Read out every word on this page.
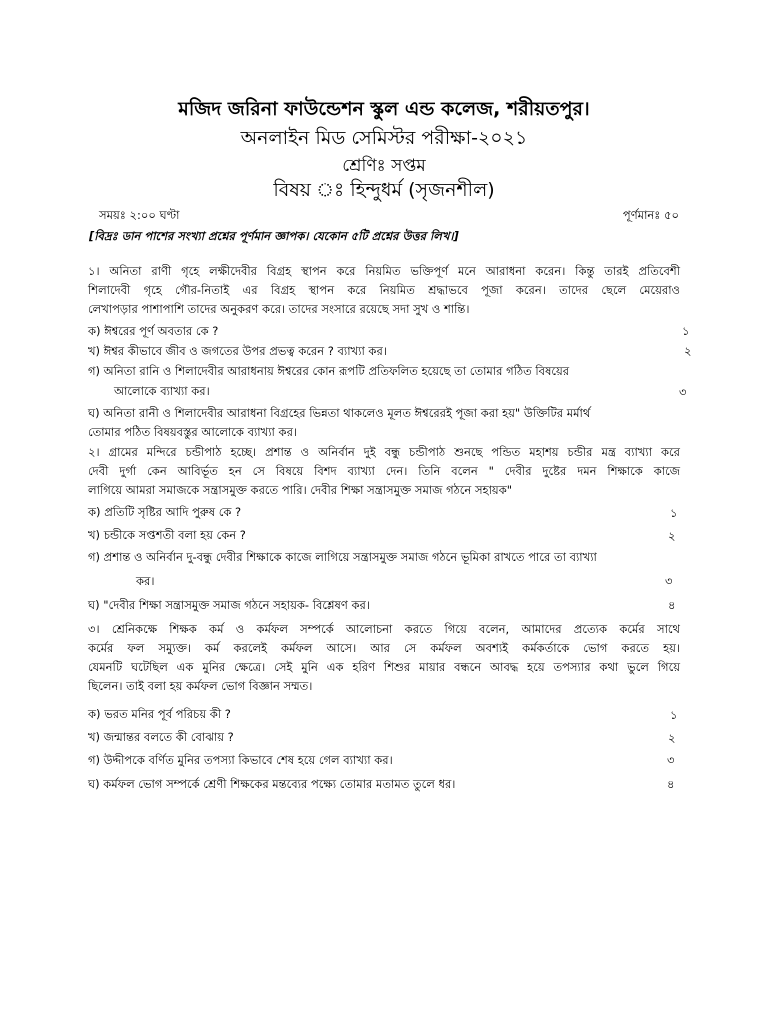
মজিদ জরিনা ফাউন্ডেশন স্কুল এন্ড কলেজ, শরীয়তপুর।
অনলাইন মিড সেমিস্টর পরীক্ষা-২০২১
শ্রেণিঃ সপ্তম
বিষয় ঃ হিন্দুধর্ম (সৃজনশীল)
সময়ঃ ২:০০ ঘণ্টা	পূর্ণমানঃ ৫০
[বিদ্রঃ ডান পাশের সংখ্যা প্রশ্নের পূর্ণমান জ্ঞাপক। যেকোন ৫টি প্রশ্নের উত্তর লিখ।]
১। অনিতা রাণী গৃহে লক্ষীদেবীর বিগ্রহ স্থাপন করে নিয়মিত ভক্তিপূর্ণ মনে আরাধনা করেন। কিন্তু তারই প্রতিবেশী
শিলাদেবী গৃহে গৌর-নিতাই এর বিগ্রহ স্থাপন করে নিয়মিত শ্রদ্ধাভবে পূজা করেন। তাদের ছেলে মেয়েরাও
লেখাপড়ার পাশাপাশি তাদের অনুকরণ করে। তাদের সংসারে রয়েছে সদা সুখ ও শান্তি।
ক) ঈশ্বরের পূর্ণ অবতার কে ?	১
খ) ঈশ্বর কীভাবে জীব ও জগতের উপর প্রভত্ব করেন ? ব্যাখ্যা কর।	২
গ) অনিতা রানি ও শিলাদেবীর আরাধনায় ঈশ্বরের কোন রূপটি প্রতিফলিত হয়েছে তা তোমার গঠিত বিষয়ের
আলোকে ব্যাখ্যা কর।	৩
ঘ) অনিতা রানী ও শিলাদেবীর আরাধনা বিগ্রহের ভিন্নতা থাকলেও মূলত ঈশ্বরেরই পূজা করা হয়" উক্তিটির মর্মার্থ
তোমার পঠিত বিষয়বস্তুর আলোকে ব্যাখ্যা কর।
২। গ্রামের মন্দিরে চন্ডীপাঠ হচ্ছে। প্রশান্ত ও অনির্বান দুই বন্ধু চন্ডীপাঠ শুনছে পন্ডিত মহাশয় চন্ডীর মন্ত্র ব্যাখ্যা করে
দেবী দুর্গা কেন আবির্ভূত হন সে বিষয়ে বিশদ ব্যাখ্যা দেন। তিনি বলেন " দেবীর দুষ্টের দমন শিক্ষাকে কাজে
লাগিয়ে আমরা সমাজকে সন্ত্রাসমুক্ত করতে পারি। দেবীর শিক্ষা সন্ত্রাসমুক্ত সমাজ গঠনে সহায়ক"
ক) প্রতিটি সৃষ্টির আদি পুরুষ কে ?	১
খ) চন্ডীকে সপ্তশতী বলা হয় কেন ?	২
গ) প্রশান্ত ও অনির্বান দু-বন্ধু দেবীর শিক্ষাকে কাজে লাগিয়ে সন্ত্রাসমুক্ত সমাজ গঠনে ভূমিকা রাখতে পারে তা ব্যাখ্যা
কর।	৩
ঘ) "দেবীর শিক্ষা সন্ত্রাসমুক্ত সমাজ গঠনে সহায়ক- বিশ্লেষণ কর।	৪
৩। শ্রেনিকক্ষে শিক্ষক কর্ম ও কর্মফল সম্পর্কে আলোচনা করতে গিয়ে বলেন, আমাদের প্রত্যেক কর্মের সাথে
কর্মের ফল সম্যুক্ত। কর্ম করলেই কর্মফল আসে। আর সে কর্মফল অবশ্যই কর্মকর্তাকে ভোগ করতে হয়।
যেমনটি ঘটেছিল এক মুনির ক্ষেত্রে। সেই মুনি এক হরিণ শিশুর মায়ার বন্ধনে আবদ্ধ হয়ে তপস্যার কথা ভুলে গিয়ে
ছিলেন। তাই বলা হয় কর্মফল ভোগ বিজ্ঞান সম্মত।
ক) ভরত মনির পূর্ব পরিচয় কী ?	১
খ) জন্মান্তর বলতে কী বোঝায় ?	২
গ) উদ্দীপকে বর্ণিত মুনির তপস্যা কিভাবে শেষ হয়ে গেল ব্যাখ্যা কর।	৩
ঘ) কর্মফল ভোগ সম্পর্কে শ্রেণী শিক্ষকের মন্তব্যের পক্ষ্যে তোমার মতামত তুলে ধর।	৪
